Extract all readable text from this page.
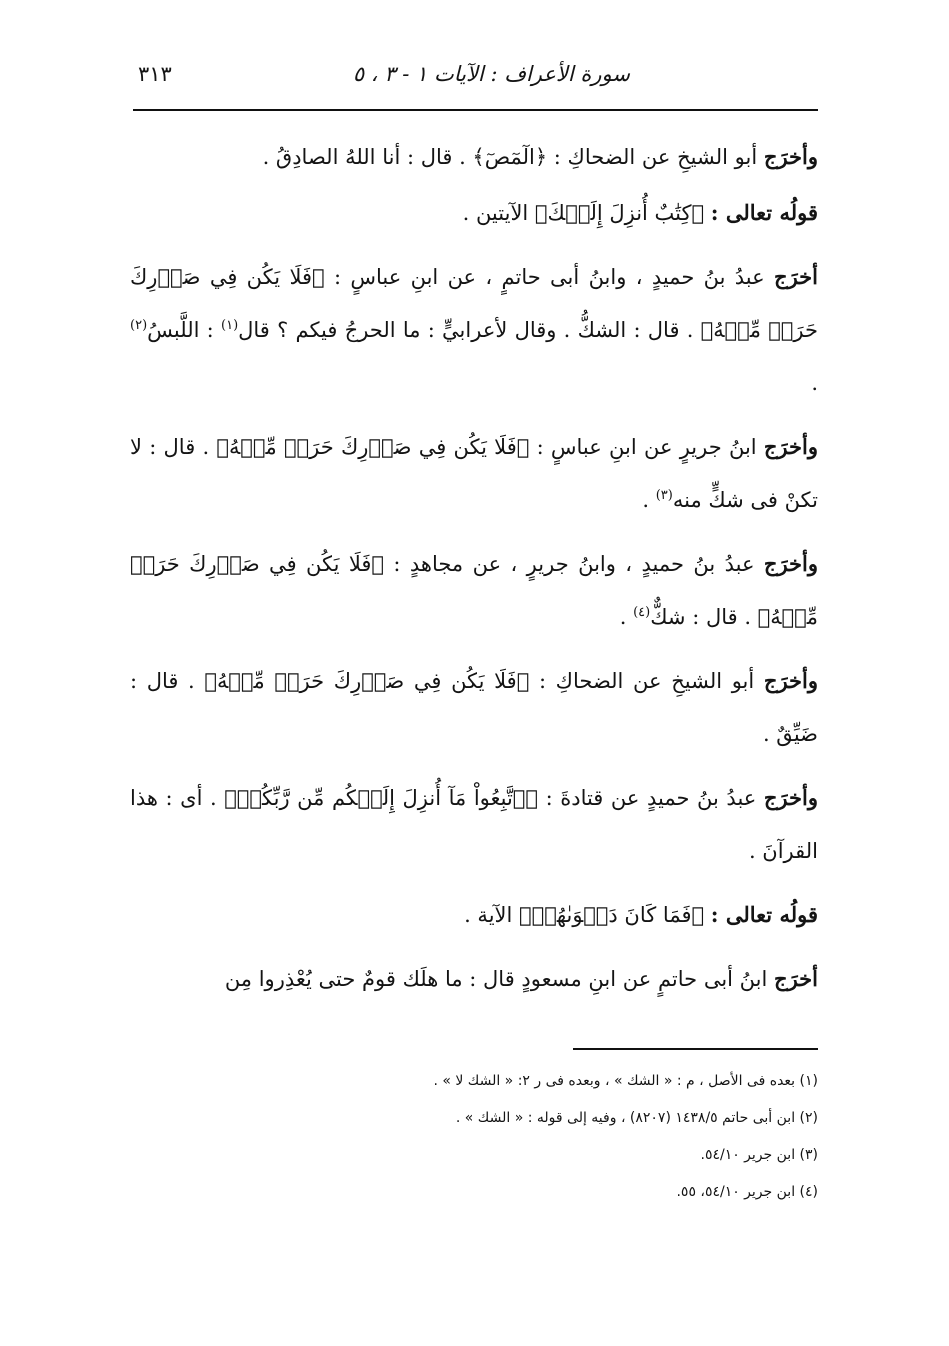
سورة الأعراف : الآيات ١ - ٣ ، ٥
٣١٣

وأخرَج أبو الشيخِ عن الضحاكِ : ﴿الٓمٓصٓ﴾ . قال : أنا اللهُ الصادِقُ .

قولُه تعالى : ﴿كِتَٰبٌ أُنزِلَ إِلَيۡكَ﴾ الآيتين .

أخرَج عبدُ بنُ حميدٍ ، وابنُ أبى حاتمٍ ، عن ابنِ عباسٍ : ﴿فَلَا يَكُن فِي صَدۡرِكَ حَرَجٞ مِّنۡهُ﴾ . قال : الشكُّ . وقال لأعرابيٍّ : ما الحرجُ فيكم ؟ قال$^{(١)}$ : اللَّبسُ$^{(٢)}$ .

وأخرَج ابنُ جريرٍ عن ابنِ عباسٍ : ﴿فَلَا يَكُن فِي صَدۡرِكَ حَرَجٞ مِّنۡهُ﴾ . قال : لا تكنْ فى شكٍّ منه$^{(٣)}$ .

وأخرَج عبدُ بنُ حميدٍ ، وابنُ جريرٍ ، عن مجاهدٍ : ﴿فَلَا يَكُن فِي صَدۡرِكَ حَرَجٞ مِّنۡهُ﴾ . قال : شكٌّ$^{(٤)}$ .

وأخرَج أبو الشيخِ عن الضحاكِ : ﴿فَلَا يَكُن فِي صَدۡرِكَ حَرَجٞ مِّنۡهُ﴾ . قال : ضَيِّقٌ .

وأخرَج عبدُ بنُ حميدٍ عن قتادةَ : ﴿ٱتَّبِعُواْ مَآ أُنزِلَ إِلَيۡكُم مِّن رَّبِّكُمۡ﴾ . أى : هذا القرآنَ .

قولُه تعالى : ﴿فَمَا كَانَ دَعۡوَىٰهُمۡ﴾ الآية .

أخرَج ابنُ أبى حاتمٍ عن ابنِ مسعودٍ قال : ما هلَك قومٌ حتى يُعْذِروا مِن

(١) بعده فى الأصل ، م : « الشك » ، وبعده فى ر ٢: « الشك لا » .
(٢) ابن أبى حاتم ١٤٣٨/٥ (٨٢٠٧) ، وفيه إلى قوله : « الشك » .
(٣) ابن جرير ٥٤/١٠.
(٤) ابن جرير ٥٤/١٠، ٥٥.
